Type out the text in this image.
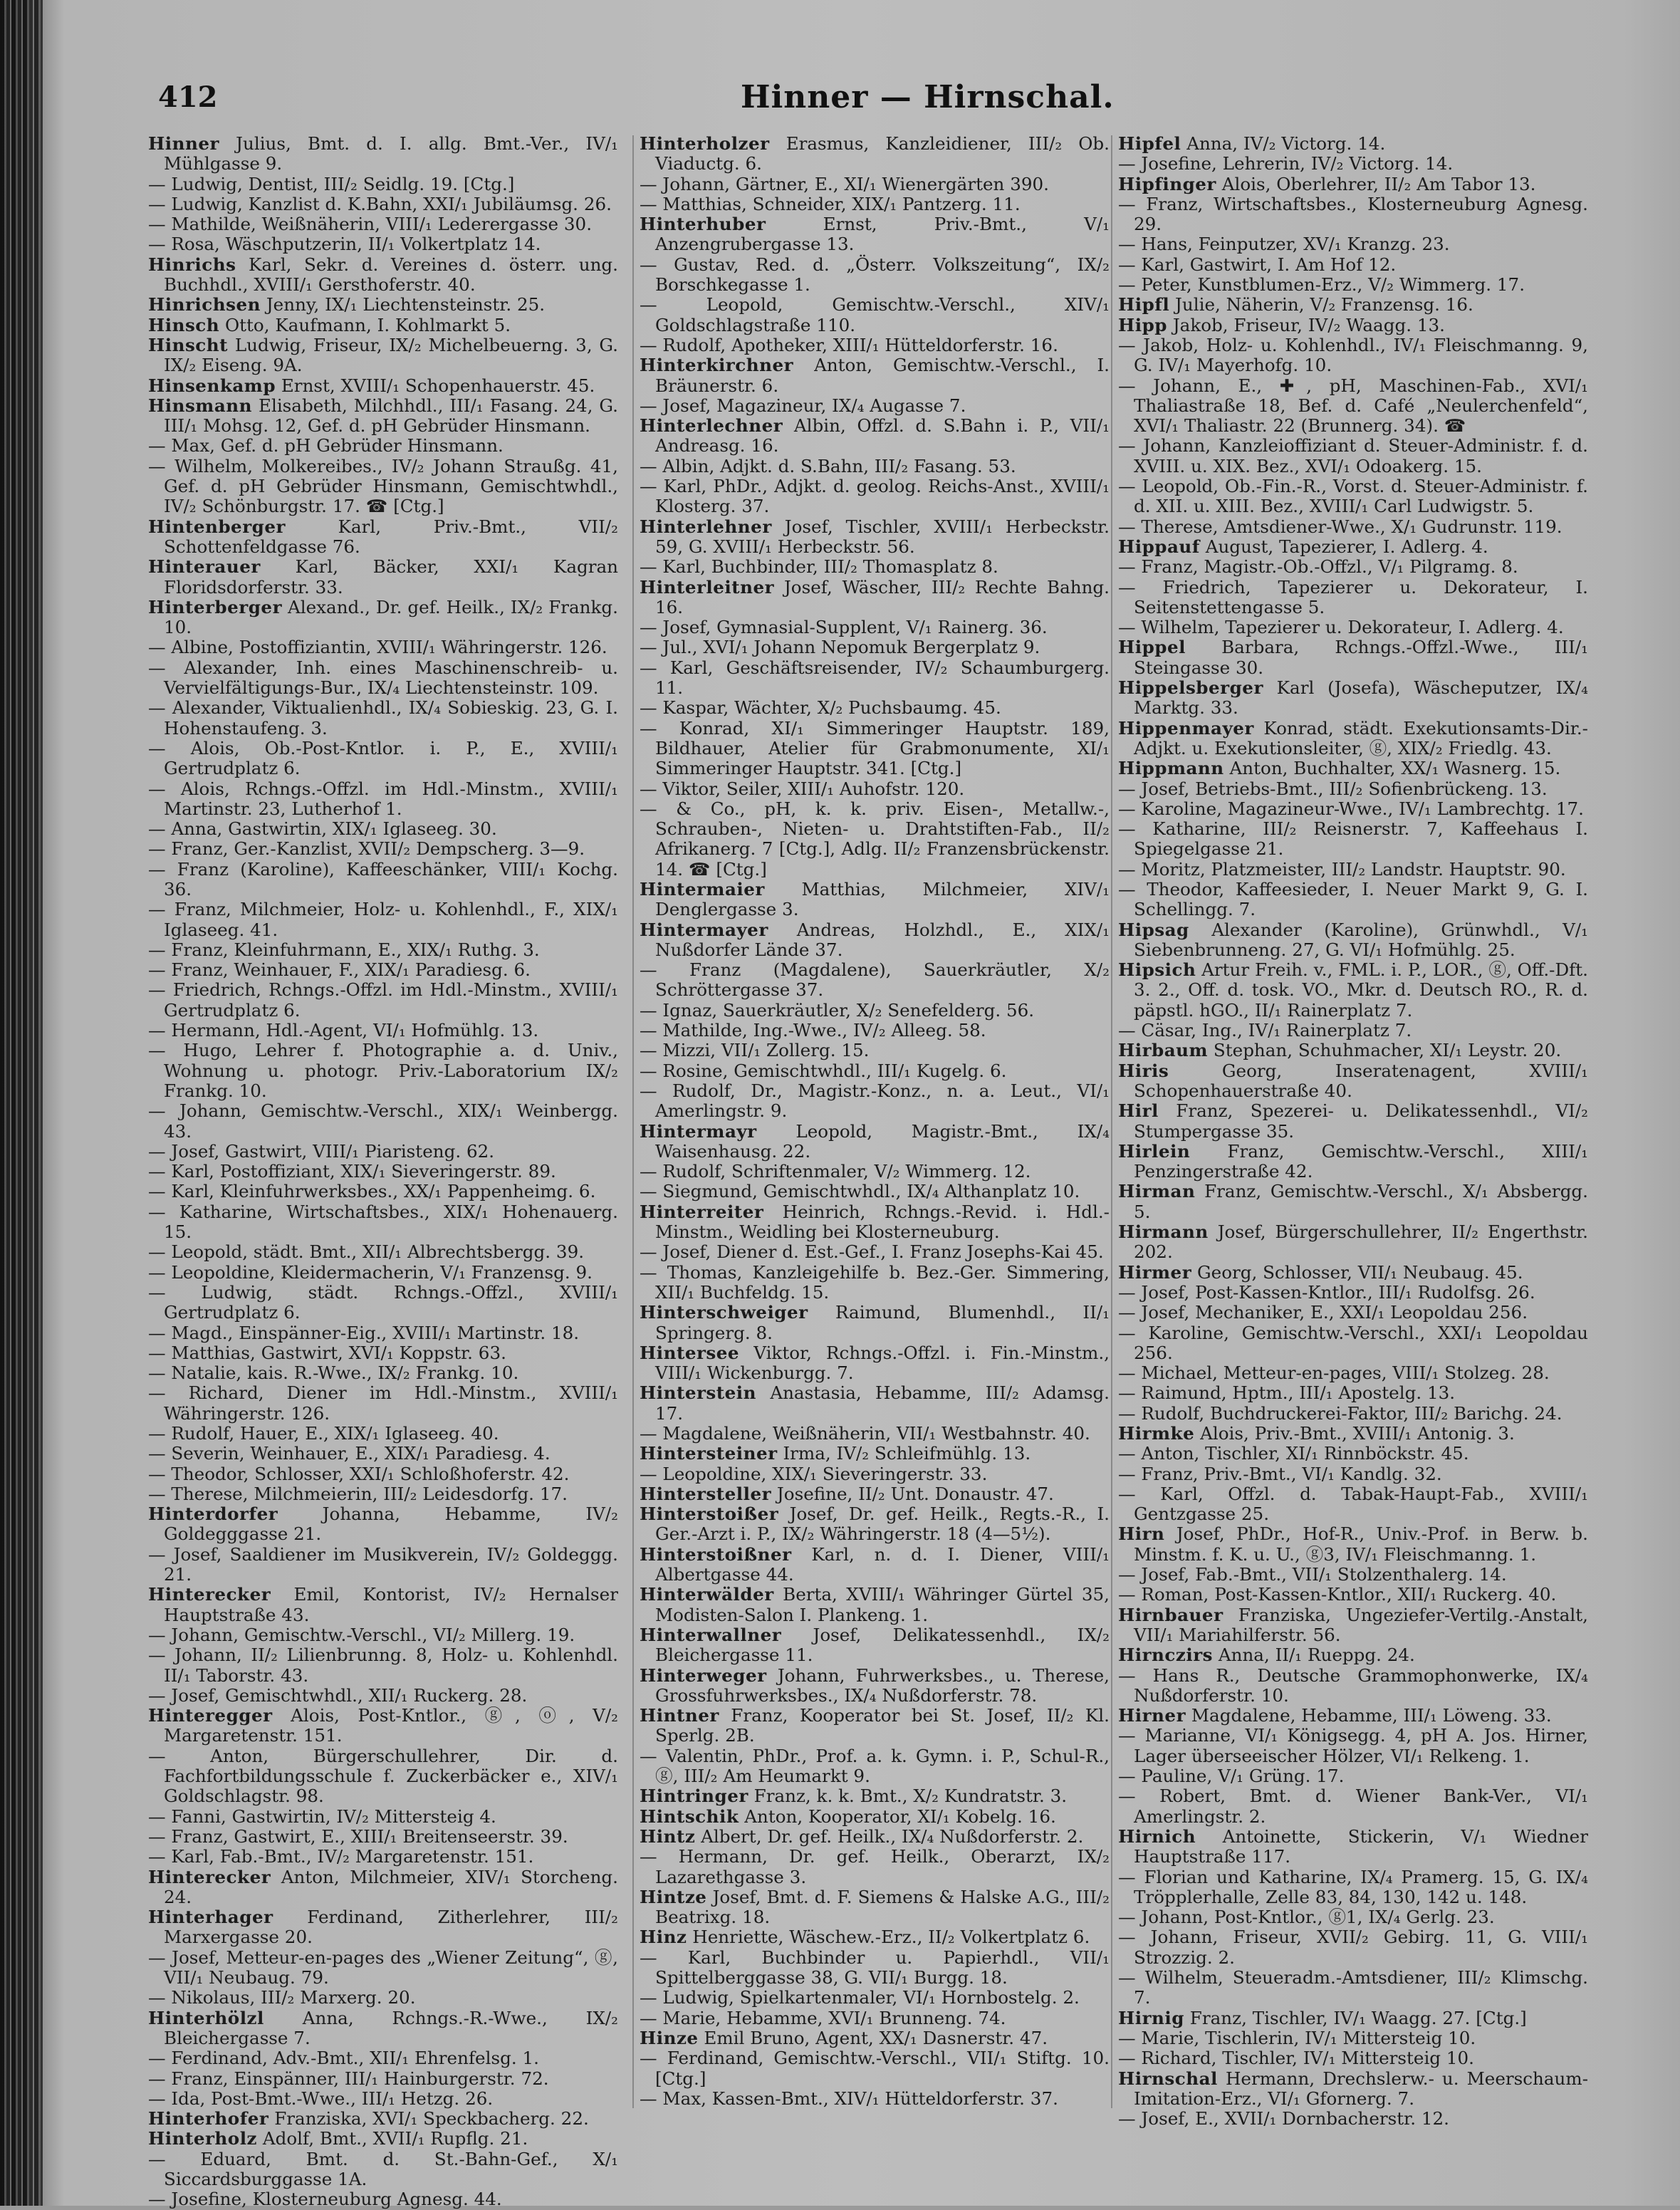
412	Hinner — Hirnschal.

Hinner Julius, Bmt. d. I. allg. Bmt.-Ver., IV/₁ Mühlgasse 9.

— Ludwig, Dentist, III/₂ Seidlg. 19. [Ctg.]

— Ludwig, Kanzlist d. K.Bahn, XXI/₁ Jubiläumsg. 26.

— Mathilde, Weißnäherin, VIII/₁ Lederergasse 30.

— Rosa, Wäschputzerin, II/₁ Volkertplatz 14.

Hinrichs Karl, Sekr. d. Vereines d. österr. ung. Buchhdl., XVIII/₁ Gersthoferstr. 40.

Hinrichsen Jenny, IX/₁ Liechtensteinstr. 25.

Hinsch Otto, Kaufmann, I. Kohlmarkt 5.

Hinscht Ludwig, Friseur, IX/₂ Michelbeuerng. 3, G. IX/₂ Eiseng. 9A.

Hinsenkamp Ernst, XVIII/₁ Schopenhauerstr. 45.

Hinsmann Elisabeth, Milchhdl., III/₁ Fasang. 24, G. III/₁ Mohsg. 12, Gef. d. pH Gebrüder Hinsmann.

— Max, Gef. d. pH Gebrüder Hinsmann.

— Wilhelm, Molkereibes., IV/₂ Johann Straußg. 41, Gef. d. pH Gebrüder Hinsmann, Gemischtwhdl., IV/₂ Schönburgstr. 17. ☎ [Ctg.]

Hintenberger	Karl, Priv.-Bmt., VII/₂ Schottenfeldgasse 76.

Hinterauer Karl, Bäcker, XXI/₁ Kagran Floridsdorferstr. 33.

Hinterberger Alexand., Dr. gef. Heilk., IX/₂ Frankg. 10.

— Albine, Postoffiziantin, XVIII/₁ Währingerstr. 126.

— Alexander, Inh. eines Maschinenschreib- u. Vervielfältigungs-Bur., IX/₄ Liechtensteinstr. 109.

— Alexander, Viktualienhdl., IX/₄ Sobieskig. 23, G. I. Hohenstaufeng. 3.

— Alois, Ob.-Post-Kntlor. i. P., E., XVIII/₁ Gertrudplatz 6.

— Alois, Rchngs.-Offzl. im Hdl.-Minstm., XVIII/₁ Martinstr. 23, Lutherhof 1.

— Anna, Gastwirtin, XIX/₁ Iglaseeg. 30.

— Franz, Ger.-Kanzlist, XVII/₂ Dempscherg. 3—9.

— Franz (Karoline), Kaffeeschänker, VIII/₁ Kochg. 36.

— Franz, Milchmeier, Holz- u. Kohlenhdl., F., XIX/₁ Iglaseeg. 41.

— Franz, Kleinfuhrmann, E., XIX/₁ Ruthg. 3.

— Franz, Weinhauer, F., XIX/₁ Paradiesg. 6.

— Friedrich, Rchngs.-Offzl. im Hdl.-Minstm., XVIII/₁ Gertrudplatz 6.

— Hermann, Hdl.-Agent, VI/₁ Hofmühlg. 13.

— Hugo, Lehrer f. Photographie a. d. Univ., Wohnung u. photogr. Priv.-Laboratorium IX/₂ Frankg. 10.

— Johann, Gemischtw.-Verschl., XIX/₁ Weinbergg. 43.

— Josef, Gastwirt, VIII/₁ Piaristeng. 62.

— Karl, Postoffiziant, XIX/₁ Sieveringerstr. 89.

— Karl, Kleinfuhrwerksbes., XX/₁ Pappenheimg. 6.

— Katharine, Wirtschaftsbes., XIX/₁ Hohenauerg. 15.

— Leopold, städt. Bmt., XII/₁ Albrechtsbergg. 39.

— Leopoldine, Kleidermacherin, V/₁ Franzensg. 9.

— Ludwig, städt. Rchngs.-Offzl., XVIII/₁ Gertrudplatz 6.

— Magd., Einspänner-Eig., XVIII/₁ Martinstr. 18.

— Matthias, Gastwirt, XVI/₁ Koppstr. 63.

— Natalie, kais. R.-Wwe., IX/₂ Frankg. 10.

— Richard, Diener im Hdl.-Minstm., XVIII/₁ Währingerstr. 126.

— Rudolf, Hauer, E., XIX/₁ Iglaseeg. 40.

— Severin, Weinhauer, E., XIX/₁ Paradiesg. 4.

— Theodor, Schlosser, XXI/₁ Schloßhoferstr. 42.

— Therese, Milchmeierin, III/₂ Leidesdorfg. 17.

Hinterdorfer	Johanna, Hebamme, IV/₂ Goldegggasse 21.

— Josef, Saaldiener im Musikverein, IV/₂ Goldeggg. 21.

Hinterecker Emil, Kontorist, IV/₂ Hernalser Hauptstraße 43.

— Johann, Gemischtw.-Verschl., VI/₂ Millerg. 19.

— Johann, II/₂ Lilienbrunng. 8, Holz- u. Kohlenhdl. II/₁ Taborstr. 43.

— Josef, Gemischtwhdl., XII/₁ Ruckerg. 28.

Hinteregger Alois, Post-Kntlor., ⓖ, ⓞ, V/₂ Margaretenstr. 151.

— Anton, Bürgerschullehrer, Dir. d. Fachfortbildungsschule f. Zuckerbäcker e., XIV/₁ Goldschlagstr. 98.

— Fanni, Gastwirtin, IV/₂ Mittersteig 4.

— Franz, Gastwirt, E., XIII/₁ Breitenseerstr. 39.

— Karl, Fab.-Bmt., IV/₂ Margaretenstr. 151.

Hinterecker Anton, Milchmeier, XIV/₁ Storcheng. 24.

Hinterhager Ferdinand, Zitherlehrer, III/₂ Marxergasse 20.

— Josef, Metteur-en-pages des „Wiener Zeitung“, ⓖ, VII/₁ Neubaug. 79.

— Nikolaus, III/₂ Marxerg. 20.

Hinterhölzl Anna, Rchngs.-R.-Wwe., IX/₂ Bleichergasse 7.

— Ferdinand, Adv.-Bmt., XII/₁ Ehrenfelsg. 1.

— Franz, Einspänner, III/₁ Hainburgerstr. 72.

— Ida, Post-Bmt.-Wwe., III/₁ Hetzg. 26.

Hinterhofer Franziska, XVI/₁ Speckbacherg. 22.

Hinterholz Adolf, Bmt., XVII/₁ Rupflg. 21.

— Eduard, Bmt. d. St.-Bahn-Gef., X/₁ Siccardsburggasse 1A.

— Josefine, Klosterneuburg Agnesg. 44.

Hinterholzer Erasmus, Kanzleidiener, III/₂ Ob. Viaductg. 6.

— Johann, Gärtner, E., XI/₁ Wienergärten 390.

— Matthias, Schneider, XIX/₁ Pantzerg. 11.

Hinterhuber	Ernst, Priv.-Bmt., V/₁ Anzengrubergasse 13.

— Gustav, Red. d. „Österr. Volkszeitung“, IX/₂ Borschkegasse 1.

— Leopold, Gemischtw.-Verschl., XIV/₁ Goldschlagstraße 110.

— Rudolf, Apotheker, XIII/₁ Hütteldorferstr. 16.

Hinterkirchner Anton, Gemischtw.-Verschl., I. Bräunerstr. 6.

— Josef, Magazineur, IX/₄ Augasse 7.

Hinterlechner Albin, Offzl. d. S.Bahn i. P., VII/₁ Andreasg. 16.

— Albin, Adjkt. d. S.Bahn, III/₂ Fasang. 53.

— Karl, PhDr., Adjkt. d. geolog. Reichs-Anst., XVIII/₁ Klosterg. 37.

Hinterlehner Josef, Tischler, XVIII/₁ Herbeckstr. 59, G. XVIII/₁ Herbeckstr. 56.

— Karl, Buchbinder, III/₂ Thomasplatz 8.

Hinterleitner Josef, Wäscher, III/₂ Rechte Bahng. 16.

— Josef, Gymnasial-Supplent, V/₁ Rainerg. 36.

— Jul., XVI/₁ Johann Nepomuk Bergerplatz 9.

— Karl, Geschäftsreisender, IV/₂ Schaumburgerg. 11.

— Kaspar, Wächter, X/₂ Puchsbaumg. 45.

— Konrad, XI/₁ Simmeringer Hauptstr. 189, Bildhauer, Atelier für Grabmonumente, XI/₁ Simmeringer Hauptstr. 341. [Ctg.]

— Viktor, Seiler, XIII/₁ Auhofstr. 120.

— & Co., pH, k. k. priv. Eisen-, Metallw.-, Schrauben-, Nieten- u. Drahtstiften-Fab., II/₂ Afrikanerg. 7 [Ctg.], Adlg. II/₂ Franzensbrückenstr. 14. ☎ [Ctg.]

Hintermaier Matthias, Milchmeier, XIV/₁ Denglergasse 3.

Hintermayer Andreas, Holzhdl., E., XIX/₁ Nußdorfer Lände 37.

— Franz (Magdalene), Sauerkräutler, X/₂ Schröttergasse 37.

— Ignaz, Sauerkräutler, X/₂ Senefelderg. 56.

— Mathilde, Ing.-Wwe., IV/₂ Alleeg. 58.

— Mizzi, VII/₁ Zollerg. 15.

— Rosine, Gemischtwhdl., III/₁ Kugelg. 6.

— Rudolf, Dr., Magistr.-Konz., n. a. Leut., VI/₁ Amerlingstr. 9.

Hintermayr Leopold, Magistr.-Bmt., IX/₄ Waisenhausg. 22.

— Rudolf, Schriftenmaler, V/₂ Wimmerg. 12.

— Siegmund, Gemischtwhdl., IX/₄ Althanplatz 10.

Hinterreiter Heinrich, Rchngs.-Revid. i. Hdl.-Minstm., Weidling bei Klosterneuburg.

— Josef, Diener d. Est.-Gef., I. Franz Josephs-Kai 45.

— Thomas, Kanzleigehilfe b. Bez.-Ger. Simmering, XII/₁ Buchfeldg. 15.

Hinterschweiger Raimund, Blumenhdl., II/₁ Springerg. 8.

Hintersee Viktor, Rchngs.-Offzl. i. Fin.-Minstm., VIII/₁ Wickenburgg. 7.

Hinterstein Anastasia, Hebamme, III/₂ Adamsg. 17.

— Magdalene, Weißnäherin, VII/₁ Westbahnstr. 40.

Hintersteiner Irma, IV/₂ Schleifmühlg. 13.

— Leopoldine, XIX/₁ Sieveringerstr. 33.

Hintersteller Josefine, II/₂ Unt. Donaustr. 47.

Hinterstoißer Josef, Dr. gef. Heilk., Regts.-R., I. Ger.-Arzt i. P., IX/₂ Währingerstr. 18 (4—5½).

Hinterstoißner Karl, n. d. I. Diener, VIII/₁ Albertgasse 44.

Hinterwälder Berta, XVIII/₁ Währinger Gürtel 35, Modisten-Salon I. Plankeng. 1.

Hinterwallner Josef, Delikatessenhdl., IX/₂ Bleichergasse 11.

Hinterweger Johann, Fuhrwerksbes., u. Therese, Grossfuhrwerksbes., IX/₄ Nußdorferstr. 78.

Hintner Franz, Kooperator bei St. Josef, II/₂ Kl. Sperlg. 2B.

— Valentin, PhDr., Prof. a. k. Gymn. i. P., Schul-R., ⓖ, III/₂ Am Heumarkt 9.

Hintringer Franz, k. k. Bmt., X/₂ Kundratstr. 3.

Hintschik Anton, Kooperator, XI/₁ Kobelg. 16.

Hintz Albert, Dr. gef. Heilk., IX/₄ Nußdorferstr. 2.

— Hermann, Dr. gef. Heilk., Oberarzt, IX/₂ Lazarethgasse 3.

Hintze Josef, Bmt. d. F. Siemens & Halske A.G., III/₂ Beatrixg. 18.

Hinz Henriette, Wäschew.-Erz., II/₂ Volkertplatz 6.

— Karl, Buchbinder u. Papierhdl., VII/₁ Spittelberggasse 38, G. VII/₁ Burgg. 18.

— Ludwig, Spielkartenmaler, VI/₁ Hornbostelg. 2.

— Marie, Hebamme, XVI/₁ Brunneng. 74.

Hinze Emil Bruno, Agent, XX/₁ Dasnerstr. 47.

— Ferdinand, Gemischtw.-Verschl., VII/₁ Stiftg. 10. [Ctg.]

— Max, Kassen-Bmt., XIV/₁ Hütteldorferstr. 37.

Hipfel Anna, IV/₂ Victorg. 14.

— Josefine, Lehrerin, IV/₂ Victorg. 14.

Hipfinger Alois, Oberlehrer, II/₂ Am Tabor 13.

— Franz, Wirtschaftsbes., Klosterneuburg Agnesg. 29.

— Hans, Feinputzer, XV/₁ Kranzg. 23.

— Karl, Gastwirt, I. Am Hof 12.

— Peter, Kunstblumen-Erz., V/₂ Wimmerg. 17.

Hipfl Julie, Näherin, V/₂ Franzensg. 16.

Hipp Jakob, Friseur, IV/₂ Waagg. 13.

— Jakob, Holz- u. Kohlenhdl., IV/₁ Fleischmanng. 9, G. IV/₁ Mayerhofg. 10.

— Johann, E., ✚, pH, Maschinen-Fab., XVI/₁ Thaliastraße 18, Bef. d. Café „Neulerchenfeld“, XVI/₁ Thaliastr. 22 (Brunnerg. 34). ☎

— Johann, Kanzleioffiziant d. Steuer-Administr. f. d. XVIII. u. XIX. Bez., XVI/₁ Odoakerg. 15.

— Leopold, Ob.-Fin.-R., Vorst. d. Steuer-Administr. f. d. XII. u. XIII. Bez., XVIII/₁ Carl Ludwigstr. 5.

— Therese, Amtsdiener-Wwe., X/₁ Gudrunstr. 119.

Hippauf August, Tapezierer, I. Adlerg. 4.

— Franz, Magistr.-Ob.-Offzl., V/₁ Pilgramg. 8.

— Friedrich, Tapezierer u. Dekorateur, I. Seitenstettengasse 5.

— Wilhelm, Tapezierer u. Dekorateur, I. Adlerg. 4.

Hippel Barbara, Rchngs.-Offzl.-Wwe., III/₁ Steingasse 30.

Hippelsberger Karl (Josefa), Wäscheputzer, IX/₄ Marktg. 33.

Hippenmayer Konrad, städt. Exekutionsamts-Dir.-Adjkt. u. Exekutionsleiter, ⓖ, XIX/₂ Friedlg. 43.

Hippmann Anton, Buchhalter, XX/₁ Wasnerg. 15.

— Josef, Betriebs-Bmt., III/₂ Sofienbrückeng. 13.

— Karoline, Magazineur-Wwe., IV/₁ Lambrechtg. 17.

— Katharine, III/₂ Reisnerstr. 7, Kaffeehaus I. Spiegelgasse 21.

— Moritz, Platzmeister, III/₂ Landstr. Hauptstr. 90.

— Theodor, Kaffeesieder, I. Neuer Markt 9, G. I. Schellingg. 7.

Hipsag Alexander (Karoline), Grünwhdl., V/₁ Siebenbrunneng. 27, G. VI/₁ Hofmühlg. 25.

Hipsich Artur Freih. v., FML. i. P., LOR., ⓖ, Off.-Dft. 3. 2., Off. d. tosk. VO., Mkr. d. Deutsch RO., R. d. päpstl. hGO., II/₁ Rainerplatz 7.

— Cäsar, Ing., IV/₁ Rainerplatz 7.

Hirbaum Stephan, Schuhmacher, XI/₁ Leystr. 20.

Hiris	Georg, Inseratenagent, XVIII/₁ Schopenhauerstraße 40.

Hirl Franz, Spezerei- u. Delikatessenhdl., VI/₂ Stumpergasse 35.

Hirlein Franz, Gemischtw.-Verschl., XIII/₁ Penzingerstraße 42.

Hirman Franz, Gemischtw.-Verschl., X/₁ Absbergg. 5.

Hirmann Josef, Bürgerschullehrer, II/₂ Engerthstr. 202.

Hirmer Georg, Schlosser, VII/₁ Neubaug. 45.

— Josef, Post-Kassen-Kntlor., III/₁ Rudolfsg. 26.

— Josef, Mechaniker, E., XXI/₁ Leopoldau 256.

— Karoline, Gemischtw.-Verschl., XXI/₁ Leopoldau 256.

— Michael, Metteur-en-pages, VIII/₁ Stolzeg. 28.

— Raimund, Hptm., III/₁ Apostelg. 13.

— Rudolf, Buchdruckerei-Faktor, III/₂ Barichg. 24.

Hirmke Alois, Priv.-Bmt., XVIII/₁ Antonig. 3.

— Anton, Tischler, XI/₁ Rinnböckstr. 45.

— Franz, Priv.-Bmt., VI/₁ Kandlg. 32.

— Karl, Offzl. d. Tabak-Haupt-Fab., XVIII/₁ Gentzgasse 25.

Hirn Josef, PhDr., Hof-R., Univ.-Prof. in Berw. b. Minstm. f. K. u. U., ⓖ3, IV/₁ Fleischmanng. 1.

— Josef, Fab.-Bmt., VII/₁ Stolzenthalerg. 14.

— Roman, Post-Kassen-Kntlor., XII/₁ Ruckerg. 40.

Hirnbauer Franziska, Ungeziefer-Vertilg.-Anstalt, VII/₁ Mariahilferstr. 56.

Hirnczirs Anna, II/₁ Rueppg. 24.

— Hans R., Deutsche Grammophonwerke, IX/₄ Nußdorferstr. 10.

Hirner Magdalene, Hebamme, III/₁ Löweng. 33.

— Marianne, VI/₁ Königsegg. 4, pH A. Jos. Hirner, Lager überseeischer Hölzer, VI/₁ Relkeng. 1.

— Pauline, V/₁ Grüng. 17.

— Robert, Bmt. d. Wiener Bank-Ver., VI/₁ Amerlingstr. 2.

Hirnich Antoinette, Stickerin, V/₁ Wiedner Hauptstraße 117.

— Florian und Katharine, IX/₄ Pramerg. 15, G. IX/₄ Tröpplerhalle, Zelle 83, 84, 130, 142 u. 148.

— Johann, Post-Kntlor., ⓖ1, IX/₄ Gerlg. 23.

— Johann, Friseur, XVII/₂ Gebirg. 11, G. VIII/₁ Strozzig. 2.

— Wilhelm, Steueradm.-Amtsdiener, III/₂ Klimschg. 7.

Hirnig Franz, Tischler, IV/₁ Waagg. 27. [Ctg.]

— Marie, Tischlerin, IV/₁ Mittersteig 10.

— Richard, Tischler, IV/₁ Mittersteig 10.

Hirnschal Hermann, Drechslerw.- u. Meerschaum-Imitation-Erz., VI/₁ Gfornerg. 7.

— Josef, E., XVII/₁ Dornbacherstr. 12.
